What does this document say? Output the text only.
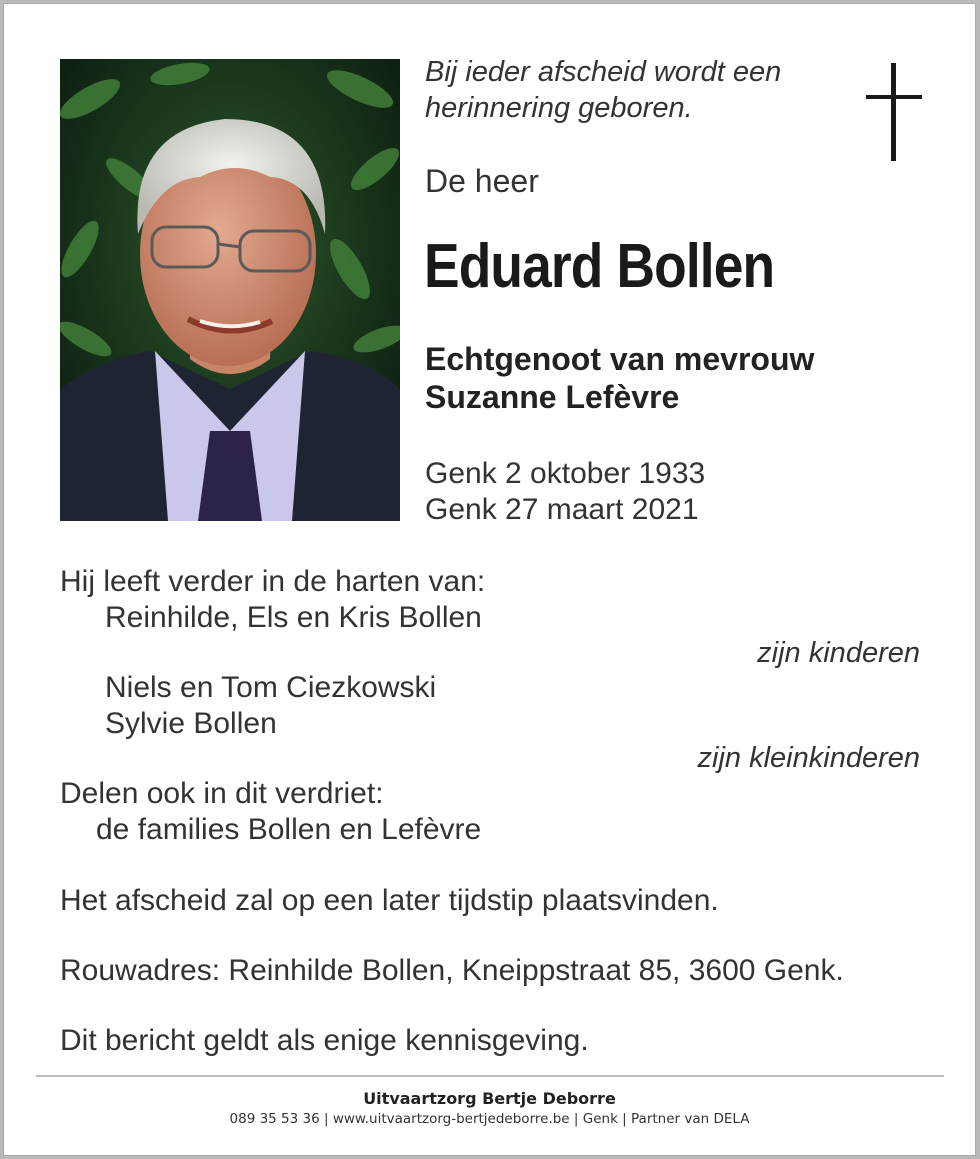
Bij ieder afscheid wordt een
herinnering geboren.

De heer

Eduard Bollen

Echtgenoot van mevrouw
Suzanne Lefèvre

Genk 2 oktober 1933
Genk 27 maart 2021

Hij leeft verder in de harten van:

Reinhilde, Els en Kris Bollen

zijn kinderen

Niels en Tom Ciezkowski

Sylvie Bollen

zijn kleinkinderen

Delen ook in dit verdriet:

de families Bollen en Lefèvre

Het afscheid zal op een later tijdstip plaatsvinden.

Rouwadres: Reinhilde Bollen, Kneippstraat 85, 3600 Genk.

Dit bericht geldt als enige kennisgeving.

Uitvaartzorg Bertje Deborre

089 35 53 36 | www.uitvaartzorg-bertjedeborre.be | Genk | Partner van DELA
